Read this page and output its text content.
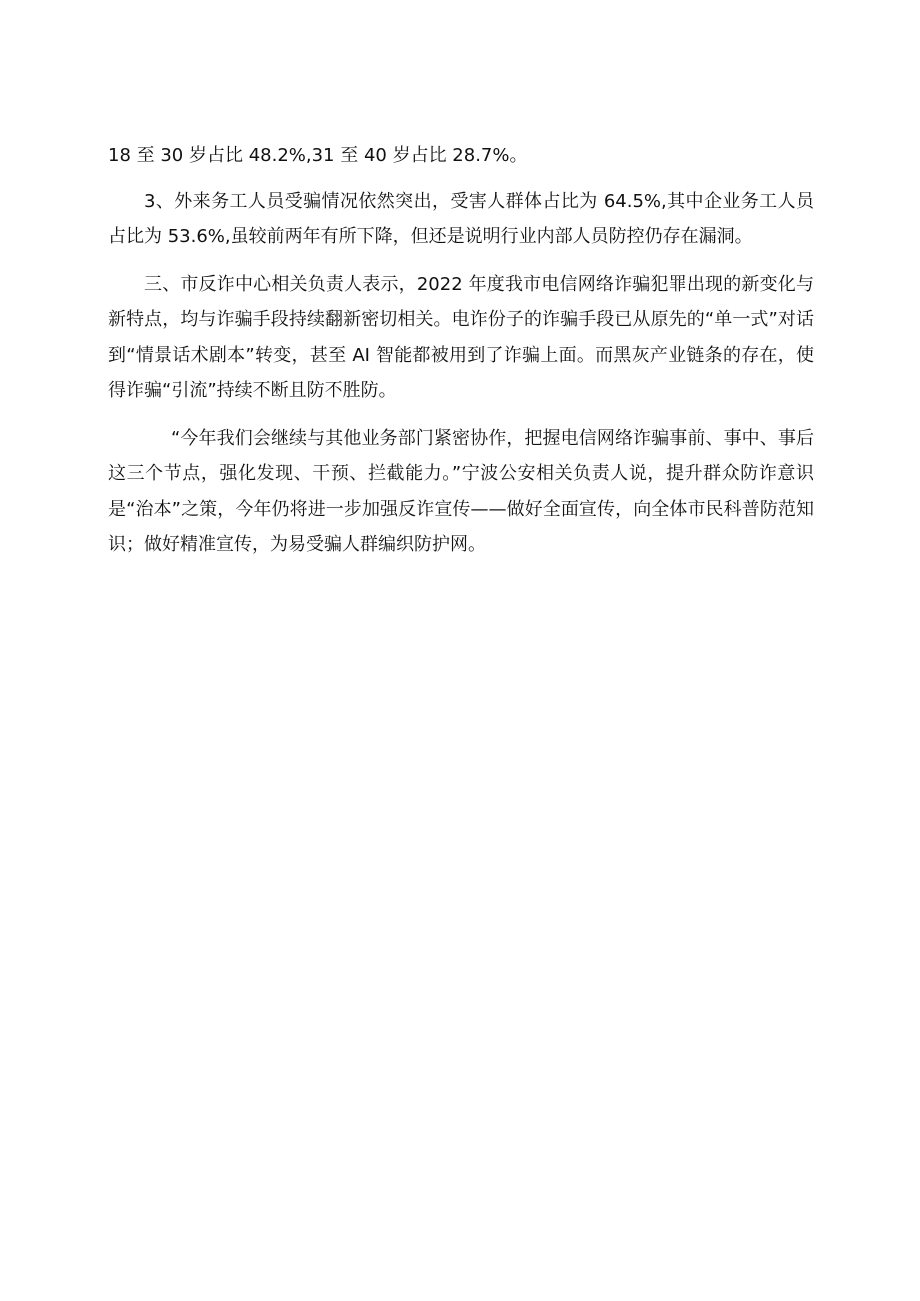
18 至 30 岁占比 48.2%,31 至 40 岁占比 28.7%。

3、外来务工人员受骗情况依然突出，受害人群体占比为 64.5%,其中企业务工人员占比为 53.6%,虽较前两年有所下降，但还是说明行业内部人员防控仍存在漏洞。

三、市反诈中心相关负责人表示，2022 年度我市电信网络诈骗犯罪出现的新变化与新特点，均与诈骗手段持续翻新密切相关。电诈份子的诈骗手段已从原先的“单一式”对话到“情景话术剧本”转变，甚至 AI 智能都被用到了诈骗上面。而黑灰产业链条的存在，使得诈骗“引流”持续不断且防不胜防。

“今年我们会继续与其他业务部门紧密协作，把握电信网络诈骗事前、事中、事后这三个节点，强化发现、干预、拦截能力。”宁波公安相关负责人说，提升群众防诈意识是“治本”之策，今年仍将进一步加强反诈宣传——做好全面宣传，向全体市民科普防范知识；做好精准宣传，为易受骗人群编织防护网。
